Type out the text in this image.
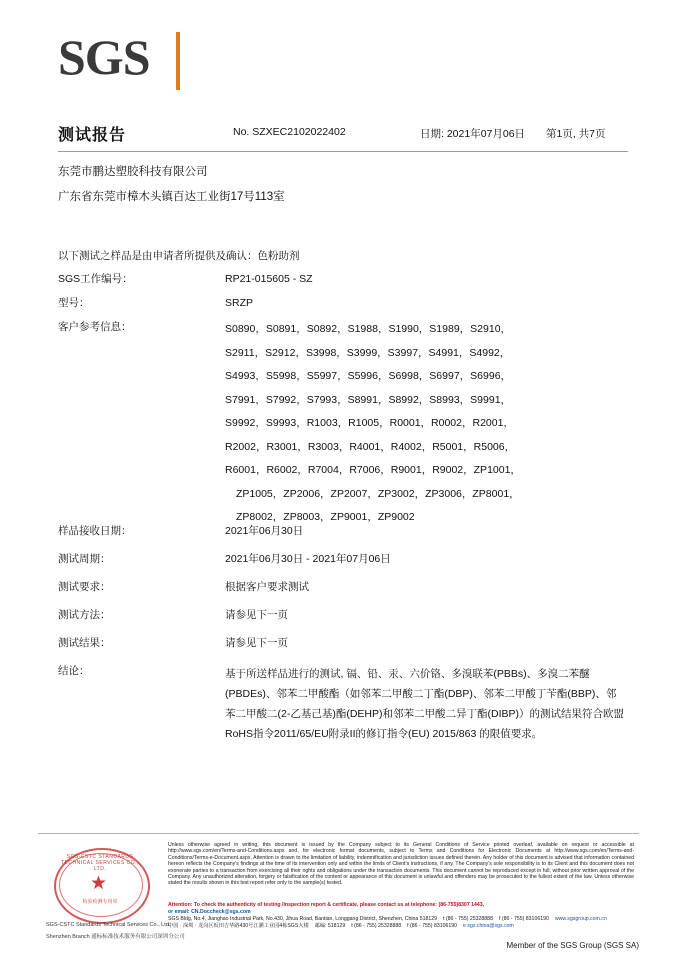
SGS
测试报告	No. SZXEC2102022402	日期: 2021年07月06日 第1页, 共7页
东莞市鹏达塑胶科技有限公司
广东省东莞市樟木头镇百达工业街17号113室
以下测试之样品是由申请者所提供及确认：色粉助剂
SGS工作编号：	RP21-015605 - SZ
型号：	SRZP
客户参考信息：	S0890，S0891，S0892，S1988，S1990，S1989，S2910，
S2911，S2912，S3998，S3999，S3997，S4991，S4992，
S4993，S5998，S5997，S5996，S6998，S6997，S6996，
S7991，S7992，S7993，S8991，S8992，S8993，S9991，
S9992，S9993，R1003，R1005，R0001，R0002，R2001，
R2002，R3001，R3003，R4001，R4002，R5001，R5006，
R6001，R6002，R7004，R7006，R9001，R9002，ZP1001，
ZP1005，ZP2006，ZP2007，ZP3002，ZP3006，ZP8001，
ZP8002，ZP8003，ZP9001，ZP9002
样品接收日期：	2021年06月30日
测试周期：	2021年06月30日 - 2021年07月06日
测试要求：	根据客户要求测试
测试方法：	请参见下一页
测试结果：	请参见下一页
结论：	基于所送样品进行的测试, 镉、铅、汞、六价铬、多溴联苯(PBBs)、多溴二苯醚(PBDEs)、邻苯二甲酸酯（如邻苯二甲酸二丁酯(DBP)、邻苯二甲酸丁苄酯(BBP)、邻苯二甲酸二(2-乙基己基)酯(DEHP)和邻苯二甲酸二异丁酯(DIBP)）的测试结果符合欧盟RoHS指令2011/65/EU附录II的修订指令(EU) 2015/863 的限值要求。
SGS-CSTC STANDARDS TECHNICAL SERVICES CO., LTD.
★
检验检测专用章
SGS-CSTC Standards Technical Services Co., Ltd.
Shenzhen Branch 通标标准技术服务有限公司深圳分公司
Unless otherwise agreed in writing, this document is issued by the Company subject to its General Conditions of Service printed overleaf, available on request or accessible at http://www.sgs.com/en/Terms-and-Conditions.aspx and, for electronic format documents, subject to Terms and Conditions for Electronic Documents at http://www.sgs.com/en/Terms-and-Conditions/Terms-e-Document.aspx. Attention is drawn to the limitation of liability, indemnification and jurisdiction issues defined therein. Any holder of this document is advised that information contained hereon reflects the Company's findings at the time of its intervention only and within the limits of Client's instructions, if any. The Company's sole responsibility is to its Client and this document does not exonerate parties to a transaction from exercising all their rights and obligations under the transaction documents. This document cannot be reproduced except in full, without prior written approval of the Company. Any unauthorized alteration, forgery or falsification of the content or appearance of this document is unlawful and offenders may be prosecuted to the fullest extent of the law. Unless otherwise stated the results shown in this test report refer only to the sample(s) tested.
Attention: To check the authenticity of testing /inspection report & certificate, please contact us at telephone: (86-755)8307 1443,
or email: CN.Doccheck@sgs.com
SGS Bldg, No.4, Jianghao Industrial Park, No.430, Jihua Road, Bantian, Longgang District, Shenzhen, China 518129 t (86 - 755) 25328888 f (86 - 755) 83106190 www.sgsgroup.com.cn
中国 · 深圳 · 龙岗区坂田吉华路430号江灏工业园4栋SGS大楼 邮编: 518129 t (86 - 755) 25328888 f (86 - 755) 83106190 e sgs.china@sgs.com
Member of the SGS Group (SGS SA)
